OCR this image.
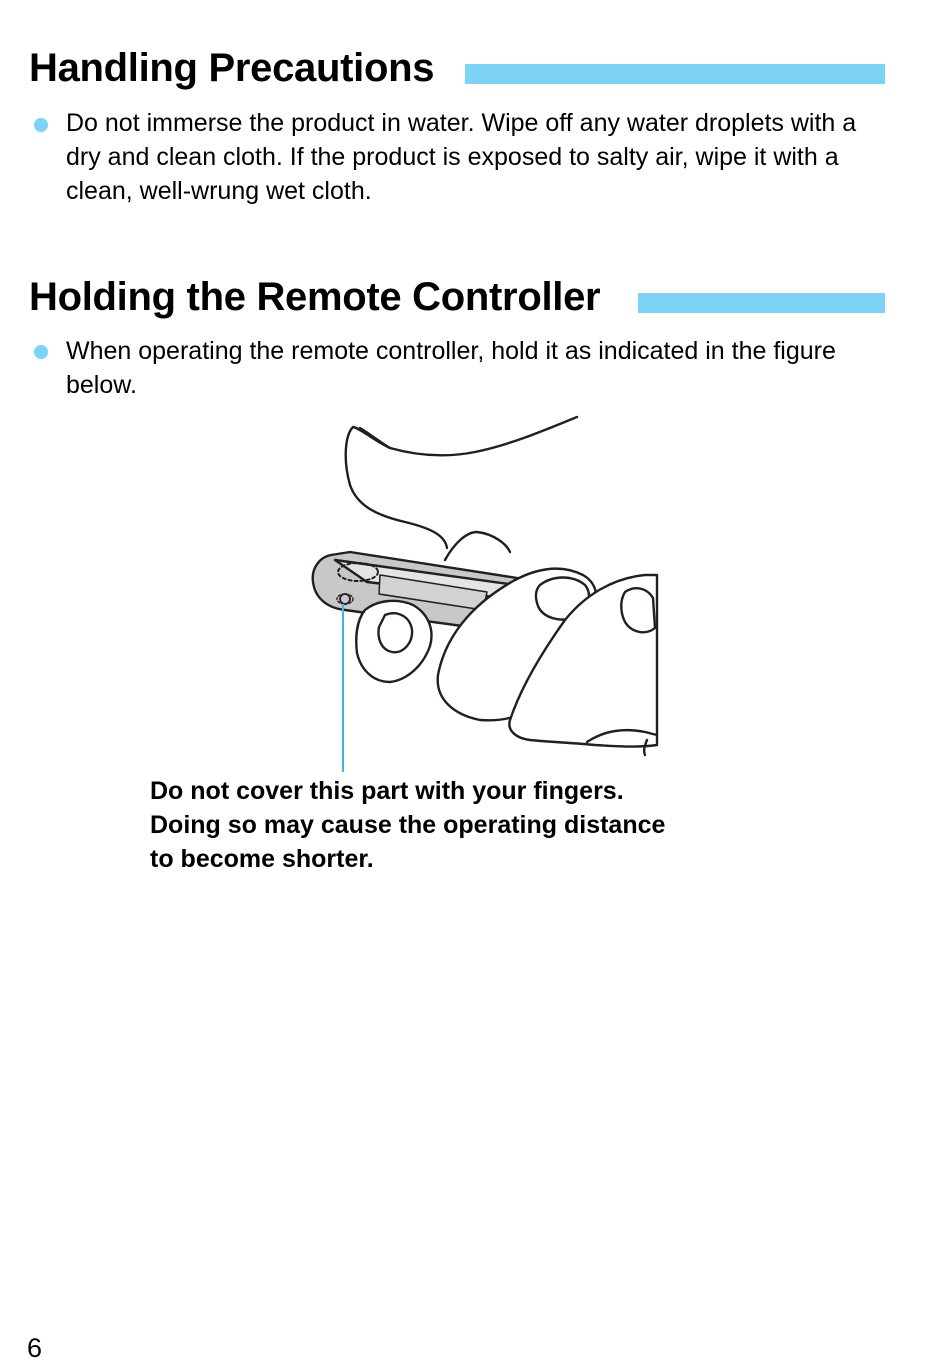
Handling Precautions

Do not immerse the product in water. Wipe off any water droplets with a dry and clean cloth. If the product is exposed to salty air, wipe it with a clean, well-wrung wet cloth.

Holding the Remote Controller

When operating the remote controller, hold it as indicated in the figure below.

Do not cover this part with your fingers.
Doing so may cause the operating distance
to become shorter.
6
